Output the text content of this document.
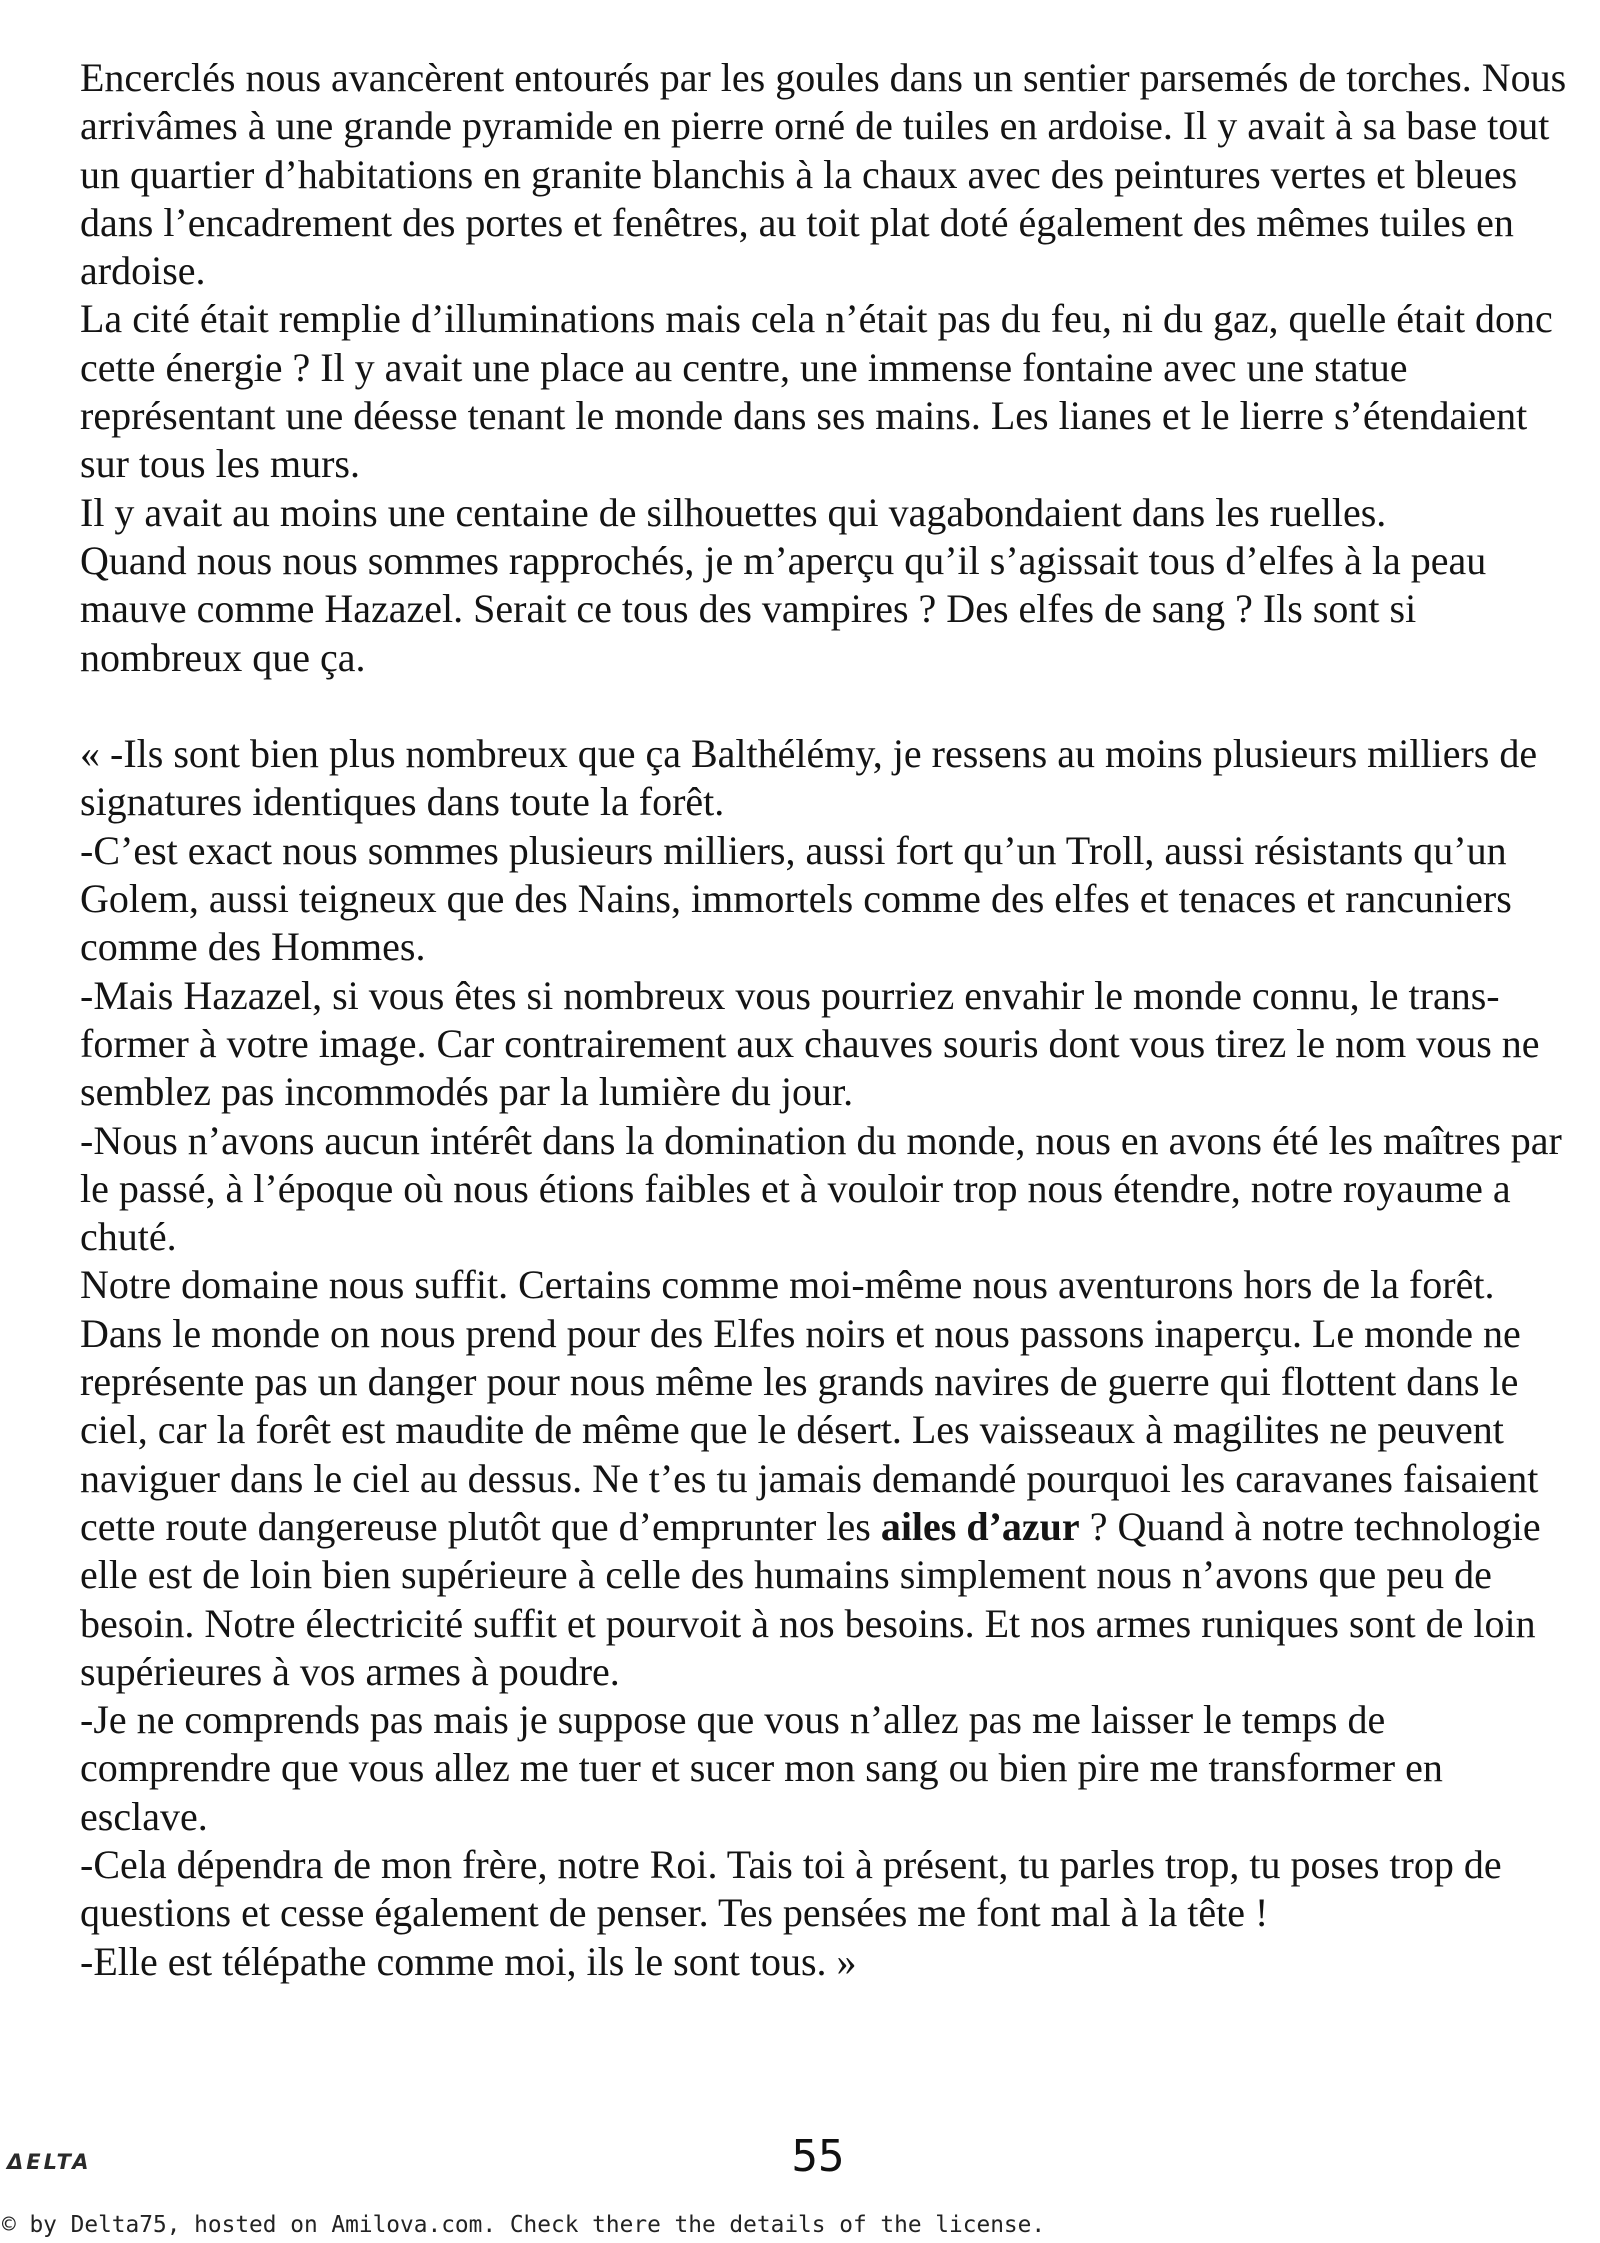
Encerclés nous avancèrent entourés par les goules dans un sentier parsemés de torches. Nous
arrivâmes à une grande pyramide en pierre orné de tuiles en ardoise. Il y avait à sa base tout
un quartier d’habitations en granite blanchis à la chaux avec des peintures vertes et bleues
dans l’encadrement des portes et fenêtres, au toit plat doté également des mêmes tuiles en
ardoise.
La cité était remplie d’illuminations mais cela n’était pas du feu, ni du gaz, quelle était donc
cette énergie ? Il y avait une place au centre, une immense fontaine avec une statue
représentant une déesse tenant le monde dans ses mains. Les lianes et le lierre s’étendaient
sur tous les murs.
Il y avait au moins une centaine de silhouettes qui vagabondaient dans les ruelles.
Quand nous nous sommes rapprochés, je m’aperçu qu’il s’agissait tous d’elfes à la peau
mauve comme Hazazel. Serait ce tous des vampires ? Des elfes de sang ? Ils sont si
nombreux que ça.
« -Ils sont bien plus nombreux que ça Balthélémy, je ressens au moins plusieurs milliers de
signatures identiques dans toute la forêt.
-C’est exact nous sommes plusieurs milliers, aussi fort qu’un Troll, aussi résistants qu’un
Golem, aussi teigneux que des Nains, immortels comme des elfes et tenaces et rancuniers
comme des Hommes.
-Mais Hazazel, si vous êtes si nombreux vous pourriez envahir le monde connu, le trans-
former à votre image. Car contrairement aux chauves souris dont vous tirez le nom vous ne
semblez pas incommodés par la lumière du jour.
-Nous n’avons aucun intérêt dans la domination du monde, nous en avons été les maîtres par
le passé, à l’époque où nous étions faibles et à vouloir trop nous étendre, notre royaume a
chuté.
Notre domaine nous suffit. Certains comme moi-même nous aventurons hors de la forêt.
Dans le monde on nous prend pour des Elfes noirs et nous passons inaperçu. Le monde ne
représente pas un danger pour nous même les grands navires de guerre qui flottent dans le
ciel, car la forêt est maudite de même que le désert. Les vaisseaux à magilites ne peuvent
naviguer dans le ciel au dessus. Ne t’es tu jamais demandé pourquoi les caravanes faisaient
cette route dangereuse plutôt que d’emprunter les ailes d’azur ? Quand à notre technologie
elle est de loin bien supérieure à celle des humains simplement nous n’avons que peu de
besoin. Notre électricité suffit et pourvoit à nos besoins. Et nos armes runiques sont de loin
supérieures à vos armes à poudre.
-Je ne comprends pas mais je suppose que vous n’allez pas me laisser le temps de
comprendre que vous allez me tuer et sucer mon sang ou bien pire me transformer en
esclave.
-Cela dépendra de mon frère, notre Roi. Tais toi à présent, tu parles trop, tu poses trop de
questions et cesse également de penser. Tes pensées me font mal à la tête !
-Elle est télépathe comme moi, ils le sont tous. »
ΔELTA	55
© by Delta75, hosted on Amilova.com. Check there the details of the license.
